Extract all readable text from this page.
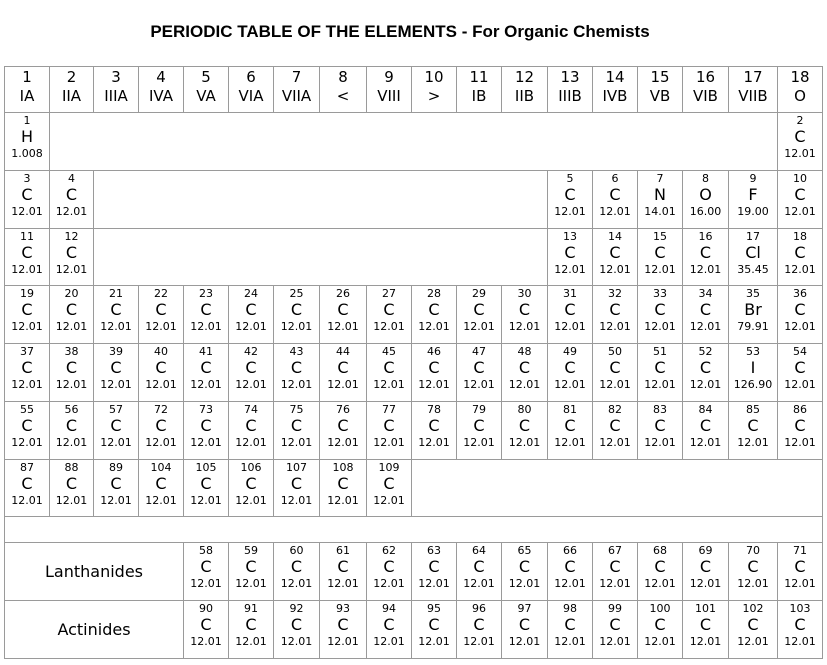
PERIODIC TABLE OF THE ELEMENTS - For Organic Chemists
1
IA
2
IIA
3
IIIA
4
IVA
5
VA
6
VIA
7
VIIA
8
<
9
VIII
10
>
11
IB
12
IIB
13
IIIB
14
IVB
15
VB
16
VIB
17
VIIB
18
O
1
H
1.008
2
C
12.01
3
C
12.01
4
C
12.01
5
C
12.01
6
C
12.01
7
N
14.01
8
O
16.00
9
F
19.00
10
C
12.01
11
C
12.01
12
C
12.01
13
C
12.01
14
C
12.01
15
C
12.01
16
C
12.01
17
Cl
35.45
18
C
12.01
19
C
12.01
20
C
12.01
21
C
12.01
22
C
12.01
23
C
12.01
24
C
12.01
25
C
12.01
26
C
12.01
27
C
12.01
28
C
12.01
29
C
12.01
30
C
12.01
31
C
12.01
32
C
12.01
33
C
12.01
34
C
12.01
35
Br
79.91
36
C
12.01
37
C
12.01
38
C
12.01
39
C
12.01
40
C
12.01
41
C
12.01
42
C
12.01
43
C
12.01
44
C
12.01
45
C
12.01
46
C
12.01
47
C
12.01
48
C
12.01
49
C
12.01
50
C
12.01
51
C
12.01
52
C
12.01
53
I
126.90
54
C
12.01
55
C
12.01
56
C
12.01
57
C
12.01
72
C
12.01
73
C
12.01
74
C
12.01
75
C
12.01
76
C
12.01
77
C
12.01
78
C
12.01
79
C
12.01
80
C
12.01
81
C
12.01
82
C
12.01
83
C
12.01
84
C
12.01
85
C
12.01
86
C
12.01
87
C
12.01
88
C
12.01
89
C
12.01
104
C
12.01
105
C
12.01
106
C
12.01
107
C
12.01
108
C
12.01
109
C
12.01
Lanthanides
58
C
12.01
59
C
12.01
60
C
12.01
61
C
12.01
62
C
12.01
63
C
12.01
64
C
12.01
65
C
12.01
66
C
12.01
67
C
12.01
68
C
12.01
69
C
12.01
70
C
12.01
71
C
12.01
Actinides
90
C
12.01
91
C
12.01
92
C
12.01
93
C
12.01
94
C
12.01
95
C
12.01
96
C
12.01
97
C
12.01
98
C
12.01
99
C
12.01
100
C
12.01
101
C
12.01
102
C
12.01
103
C
12.01
